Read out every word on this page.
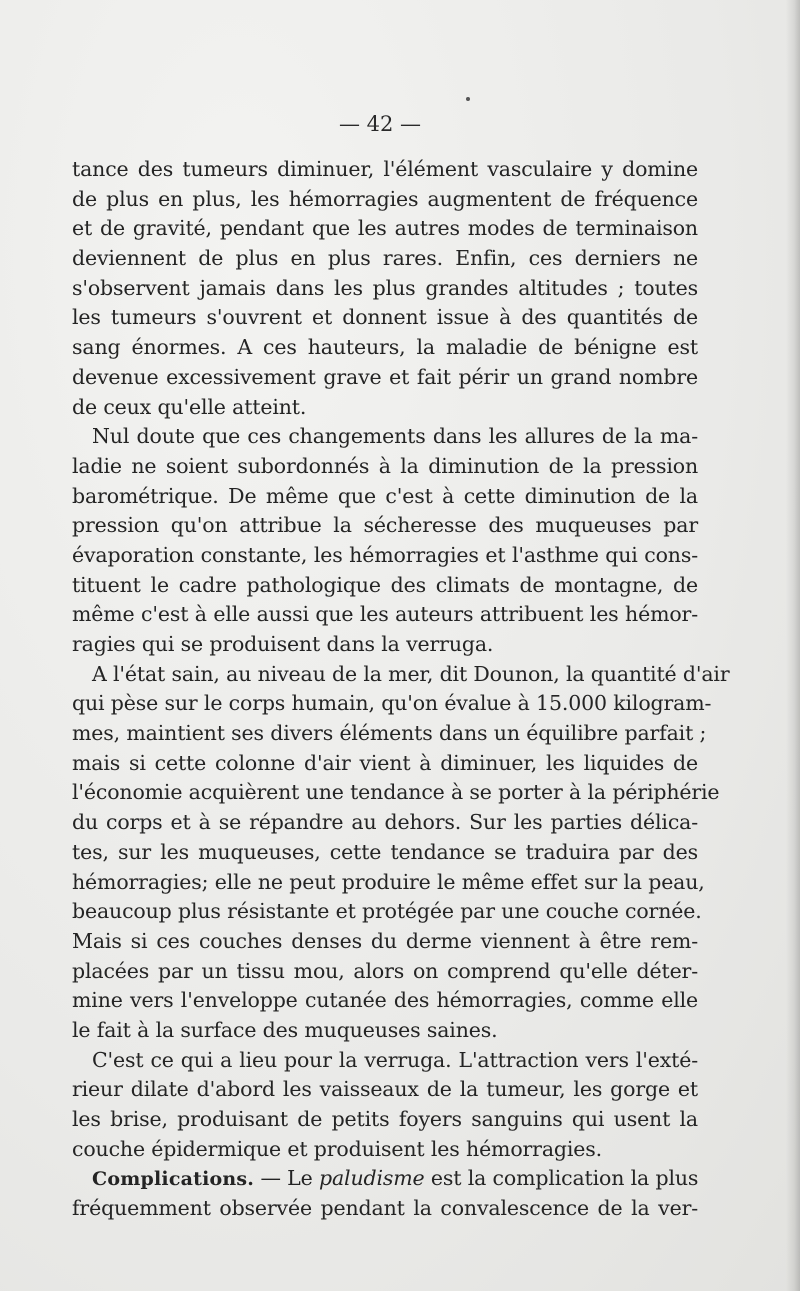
— 42 —
tance des tumeurs diminuer, l'élément vasculaire y domine
de plus en plus, les hémorragies augmentent de fréquence
et de gravité, pendant que les autres modes de terminaison
deviennent de plus en plus rares. Enfin, ces derniers ne
s'observent jamais dans les plus grandes altitudes ; toutes
les tumeurs s'ouvrent et donnent issue à des quantités de
sang énormes. A ces hauteurs, la maladie de bénigne est
devenue excessivement grave et fait périr un grand nombre
de ceux qu'elle atteint.
Nul doute que ces changements dans les allures de la ma-
ladie ne soient subordonnés à la diminution de la pression
barométrique. De même que c'est à cette diminution de la
pression qu'on attribue la sécheresse des muqueuses par
évaporation constante, les hémorragies et l'asthme qui cons-
tituent le cadre pathologique des climats de montagne, de
même c'est à elle aussi que les auteurs attribuent les hémor-
ragies qui se produisent dans la verruga.
A l'état sain, au niveau de la mer, dit Dounon, la quantité d'air
qui pèse sur le corps humain, qu'on évalue à 15.000 kilogram-
mes, maintient ses divers éléments dans un équilibre parfait ;
mais si cette colonne d'air vient à diminuer, les liquides de
l'économie acquièrent une tendance à se porter à la périphérie
du corps et à se répandre au dehors. Sur les parties délica-
tes, sur les muqueuses, cette tendance se traduira par des
hémorragies; elle ne peut produire le même effet sur la peau,
beaucoup plus résistante et protégée par une couche cornée.
Mais si ces couches denses du derme viennent à être rem-
placées par un tissu mou, alors on comprend qu'elle déter-
mine vers l'enveloppe cutanée des hémorragies, comme elle
le fait à la surface des muqueuses saines.
C'est ce qui a lieu pour la verruga. L'attraction vers l'exté-
rieur dilate d'abord les vaisseaux de la tumeur, les gorge et
les brise, produisant de petits foyers sanguins qui usent la
couche épidermique et produisent les hémorragies.
Complications. — Le paludisme est la complication la plus
fréquemment observée pendant la convalescence de la ver-
